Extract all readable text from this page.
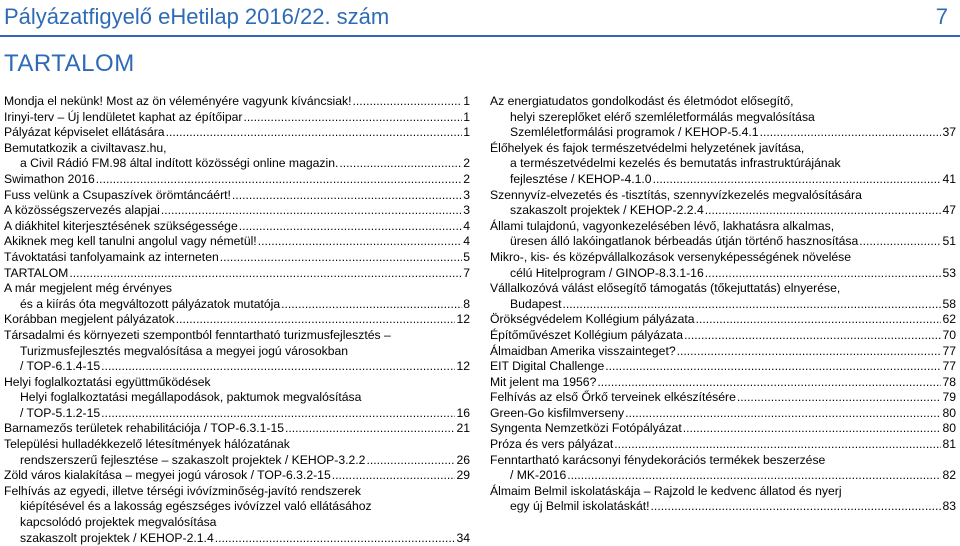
Pályázatfigyelő eHetilap 2016/22. szám	7
TARTALOM
Mondja el nekünk! Most az ön véleményére vagyunk kíváncsiak! .....	1
Irinyi-terv – Új lendületet kaphat az építőipar .....	1
Pályázat képviselet ellátására .....	1
Bemutatkozik a civiltavasz.hu,
a Civil Rádió FM.98 által indított közösségi online magazin. .....	2
Swimathon 2016 .....	2
Fuss velünk a Csupaszívek örömtáncáért! .....	3
A közösségszervezés alapjai .....	3
A diákhitel kiterjesztésének szükségessége .....	4
Akiknek meg kell tanulni angolul vagy németül! .....	4
Távoktatási tanfolyamaink az interneten .....	5
TARTALOM .....	7
A már megjelent még érvényes
és a kiírás óta megváltozott pályázatok mutatója .....	8
Korábban megjelent pályázatok .....	12
Társadalmi és környezeti szempontból fenntartható turizmusfejlesztés –
Turizmusfejlesztés megvalósítása a megyei jogú városokban
/ TOP-6.1.4-15 .....	12
Helyi foglalkoztatási együttműködések
Helyi foglalkoztatási megállapodások, paktumok megvalósítása
/ TOP-5.1.2-15 .....	16
Barnamezős területek rehabilitációja / TOP-6.3.1-15 .....	21
Települési hulladékkezelő létesítmények hálózatának
rendszerszerű fejlesztése – szakaszolt projektek / KEHOP-3.2.2 .....	26
Zöld város kialakítása – megyei jogú városok / TOP-6.3.2-15 .....	29
Felhívás az egyedi, illetve térségi ivóvízminőség-javító rendszerek
kiépítésével és a lakosság egészséges ivóvízzel való ellátásához
kapcsolódó projektek megvalósítása
szakaszolt projektek / KEHOP-2.1.4 .....	34
Az energiatudatos gondolkodást és életmódot elősegítő,
helyi szereplőket elérő szemléletformálás megvalósítása
Szemléletformálási programok / KEHOP-5.4.1 .....	37
Élőhelyek és fajok természetvédelmi helyzetének javítása,
a természetvédelmi kezelés és bemutatás infrastruktúrájának
fejlesztése / KEHOP-4.1.0 .....	41
Szennyvíz-elvezetés és -tisztítás, szennyvízkezelés megvalósítására
szakaszolt projektek / KEHOP-2.2.4 .....	47
Állami tulajdonú, vagyonkezelésében lévő, lakhatásra alkalmas,
üresen álló lakóingatlanok bérbeadás útján történő hasznosítása .....	51
Mikro-, kis- és középvállalkozások versenyképességének növelése
célú Hitelprogram / GINOP-8.3.1-16 .....	53
Vállalkozóvá válást elősegítő támogatás (tőkejuttatás) elnyerése,
Budapest .....	58
Örökségvédelem Kollégium pályázata .....	62
Építőművészet Kollégium pályázata .....	70
Álmaidban Amerika visszainteget? .....	77
EIT Digital Challenge .....	77
Mit jelent ma 1956? .....	78
Felhívás az első Őrkő terveinek elkészítésére .....	79
Green-Go kisfilmverseny .....	80
Syngenta Nemzetközi Fotópályázat .....	80
Próza és vers pályázat .....	81
Fenntartható karácsonyi fénydekorációs termékek beszerzése
/ MK-2016 .....	82
Álmaim Belmil iskolatáskája – Rajzold le kedvenc állatod és nyerj
egy új Belmil iskolatáskát! .....	83
